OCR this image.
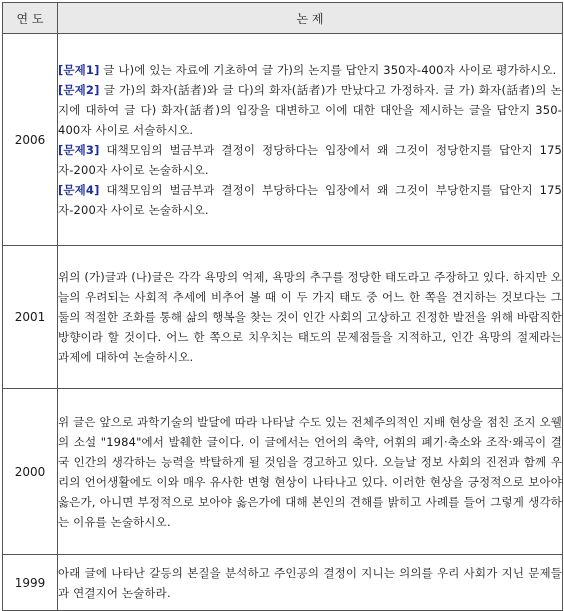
연 도	논 제
2006	[문제1] 글 나)에 있는 자료에 기초하여 글 가)의 논지를 답안지 350자-400자 사이로 평가하시오.
[문제2] 글 가)의 화자(話者)와 글 다)의 화자(話者)가 만났다고 가정하자. 글 가) 화자(話者)의 논지에 대하여 글 다) 화자(話者)의 입장을 대변하고 이에 대한 대안을 제시하는 글을 답안지 350-400자 사이로 서술하시오.
[문제3] 대책모임의 벌금부과 결정이 정당하다는 입장에서 왜 그것이 정당한지를 답안지 175자-200자 사이로 논술하시오.
[문제4] 대책모임의 벌금부과 결정이 부당하다는 입장에서 왜 그것이 부당한지를 답안지 175자-200자 사이로 논술하시오.

2001	위의 (가)글과 (나)글은 각각 욕망의 억제, 욕망의 추구를 정당한 태도라고 주장하고 있다. 하지만 오늘의 우려되는 사회적 추세에 비추어 볼 때 이 두 가지 태도 중 어느 한 쪽을 견지하는 것보다는 그 둘의 적절한 조화를 통해 삶의 행복을 찾는 것이 인간 사회의 고상하고 진정한 발전을 위해 바람직한 방향이라 할 것이다. 어느 한 쪽으로 치우치는 태도의 문제점들을 지적하고, 인간 욕망의 절제라는 과제에 대하여 논술하시오.

2000	위 글은 앞으로 과학기술의 발달에 따라 나타날 수도 있는 전체주의적인 지배 현상을 점친 조지 오웰의 소설 "1984"에서 발췌한 글이다. 이 글에서는 언어의 축약, 어휘의 폐기·축소와 조작·왜곡이 결국 인간의 생각하는 능력을 박탈하게 될 것임을 경고하고 있다. 오늘날 정보 사회의 진전과 함께 우리의 언어생활에도 이와 매우 유사한 변형 현상이 나타나고 있다. 이러한 현상을 긍정적으로 보아야 옳은가, 아니면 부정적으로 보아야 옳은가에 대해 본인의 견해를 밝히고 사례를 들어 그렇게 생각하는 이유를 논술하시오.

1999	아래 글에 나타난 갈등의 본질을 분석하고 주인공의 결정이 지니는 의의를 우리 사회가 지닌 문제들과 연결지어 논술하라.
